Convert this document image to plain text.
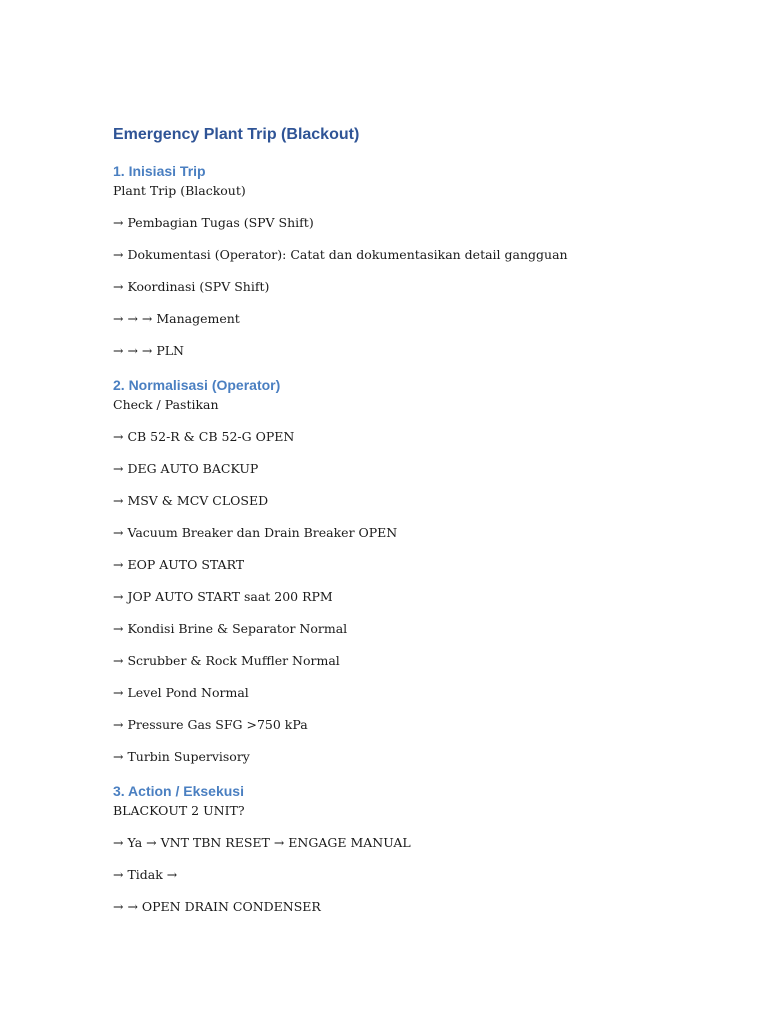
Emergency Plant Trip (Blackout)
1. Inisiasi Trip

Plant Trip (Blackout)

→ Pembagian Tugas (SPV Shift)

→ Dokumentasi (Operator): Catat dan dokumentasikan detail gangguan

→ Koordinasi (SPV Shift)

→ → → Management

→ → → PLN

2. Normalisasi (Operator)

Check / Pastikan

→ CB 52-R & CB 52-G OPEN

→ DEG AUTO BACKUP

→ MSV & MCV CLOSED

→ Vacuum Breaker dan Drain Breaker OPEN

→ EOP AUTO START

→ JOP AUTO START saat 200 RPM

→ Kondisi Brine & Separator Normal

→ Scrubber & Rock Muffler Normal

→ Level Pond Normal

→ Pressure Gas SFG >750 kPa

→ Turbin Supervisory

3. Action / Eksekusi

BLACKOUT 2 UNIT?

→ Ya → VNT TBN RESET → ENGAGE MANUAL

→ Tidak →

→ → OPEN DRAIN CONDENSER
